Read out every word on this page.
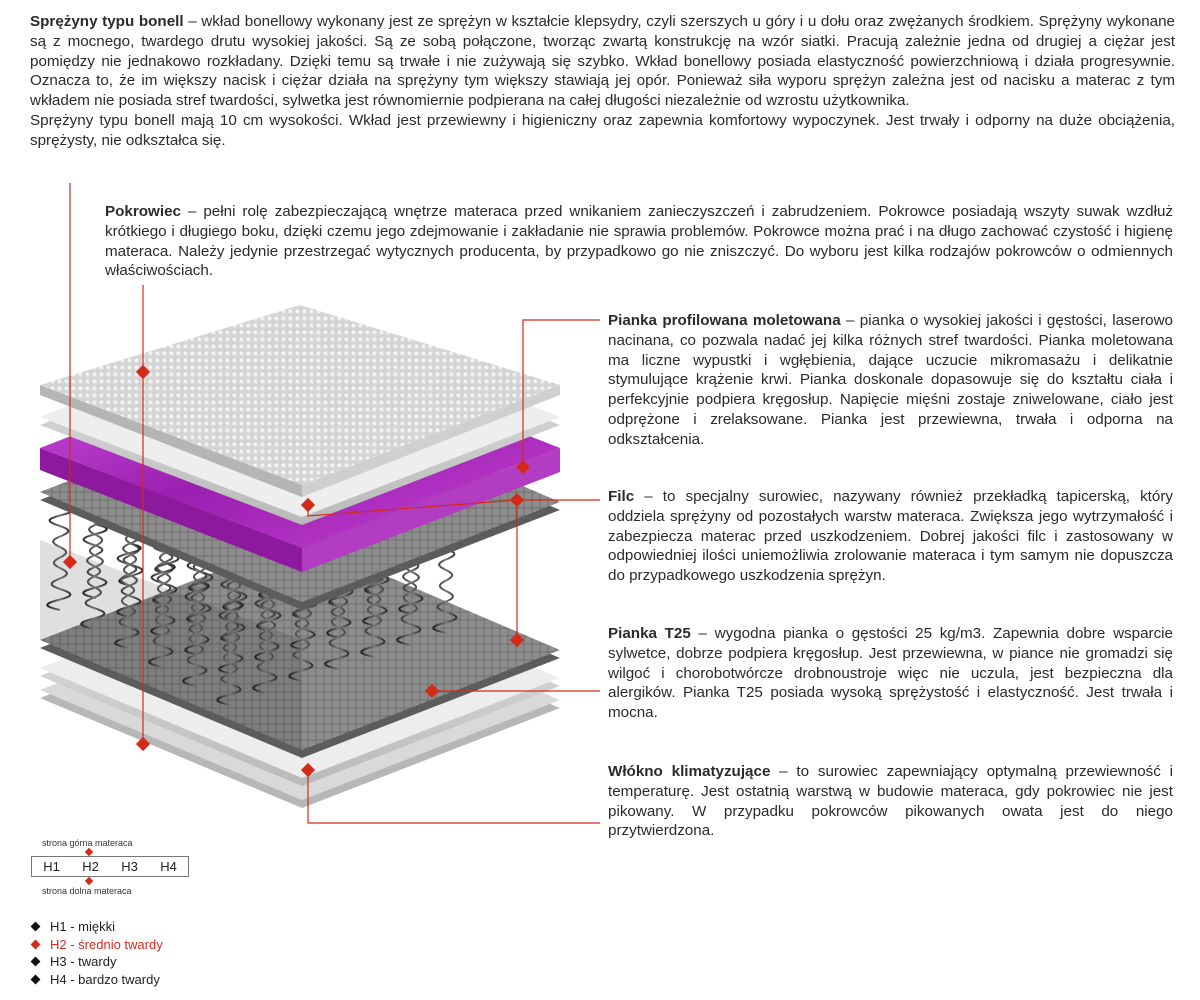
Sprężyny typu bonell – wkład bonellowy wykonany jest ze sprężyn w kształcie klepsydry, czyli szerszych u góry i u dołu oraz zwężanych środkiem. Sprężyny wykonane są z mocnego, twardego drutu wysokiej jakości. Są ze sobą połączone, tworząc zwartą konstrukcję na wzór siatki. Pracują zależnie jedna od drugiej a ciężar jest pomiędzy nie jednakowo rozkładany. Dzięki temu są trwałe i nie zużywają się szybko. Wkład bonellowy posiada elastyczność powierzchniową i działa progresywnie. Oznacza to, że im większy nacisk i ciężar działa na sprężyny tym większy stawiają jej opór. Ponieważ siła wyporu sprężyn zależna jest od nacisku a materac z tym wkładem nie posiada stref twardości, sylwetka jest równomiernie podpierana na całej długości niezależnie od wzrostu użytkownika.
Sprężyny typu bonell mają 10 cm wysokości. Wkład jest przewiewny i higieniczny oraz zapewnia komfortowy wypoczynek. Jest trwały i odporny na duże obciążenia, sprężysty, nie odkształca się.

Pokrowiec – pełni rolę zabezpieczającą wnętrze materaca przed wnikaniem zanieczyszczeń i zabrudzeniem. Pokrowce posiadają wszyty suwak wzdłuż krótkiego i długiego boku, dzięki czemu jego zdejmowanie i zakładanie nie sprawia problemów. Pokrowce można prać i na długo zachować czystość i higienę materaca. Należy jedynie przestrzegać wytycznych producenta, by przypadkowo go nie zniszczyć. Do wyboru jest kilka rodzajów pokrowców o odmiennych właściwościach.

Pianka profilowana moletowana – pianka o wysokiej jakości i gęstości, laserowo nacinana, co pozwala nadać jej kilka różnych stref twardości. Pianka moletowana ma liczne wypustki i wgłębienia, dające uczucie mikromasażu i delikatnie stymulujące krążenie krwi. Pianka doskonale dopasowuje się do kształtu ciała i perfekcyjnie podpiera kręgosłup. Napięcie mięśni zostaje zniwelowane, ciało jest odprężone i zrelaksowane. Pianka jest przewiewna, trwała i odporna na odkształcenia.

Filc – to specjalny surowiec, nazywany również przekładką tapicerską, który oddziela sprężyny od pozostałych warstw materaca. Zwiększa jego wytrzymałość i zabezpiecza materac przed uszkodzeniem. Dobrej jakości filc i zastosowany w odpowiedniej ilości uniemożliwia zrolowanie materaca i tym samym nie dopuszcza do przypadkowego uszkodzenia sprężyn.

Pianka T25 – wygodna pianka o gęstości 25 kg/m3. Zapewnia dobre wsparcie sylwetce, dobrze podpiera kręgosłup. Jest przewiewna, w piance nie gromadzi się wilgoć i chorobotwórcze drobnoustroje więc nie uczula, jest bezpieczna dla alergików. Pianka T25 posiada wysoką sprężystość i elastyczność. Jest trwała i mocna.

Włókno klimatyzujące – to surowiec zapewniający optymalną przewiewność i temperaturę. Jest ostatnią warstwą w budowie materaca, gdy pokrowiec nie jest pikowany. W przypadku pokrowców pikowanych owata jest do niego przytwierdzona.

strona górna materaca
H1	H2	H3	H4
strona dolna materaca
H1 - miękki
H2 - średnio twardy
H3 - twardy
H4 - bardzo twardy
